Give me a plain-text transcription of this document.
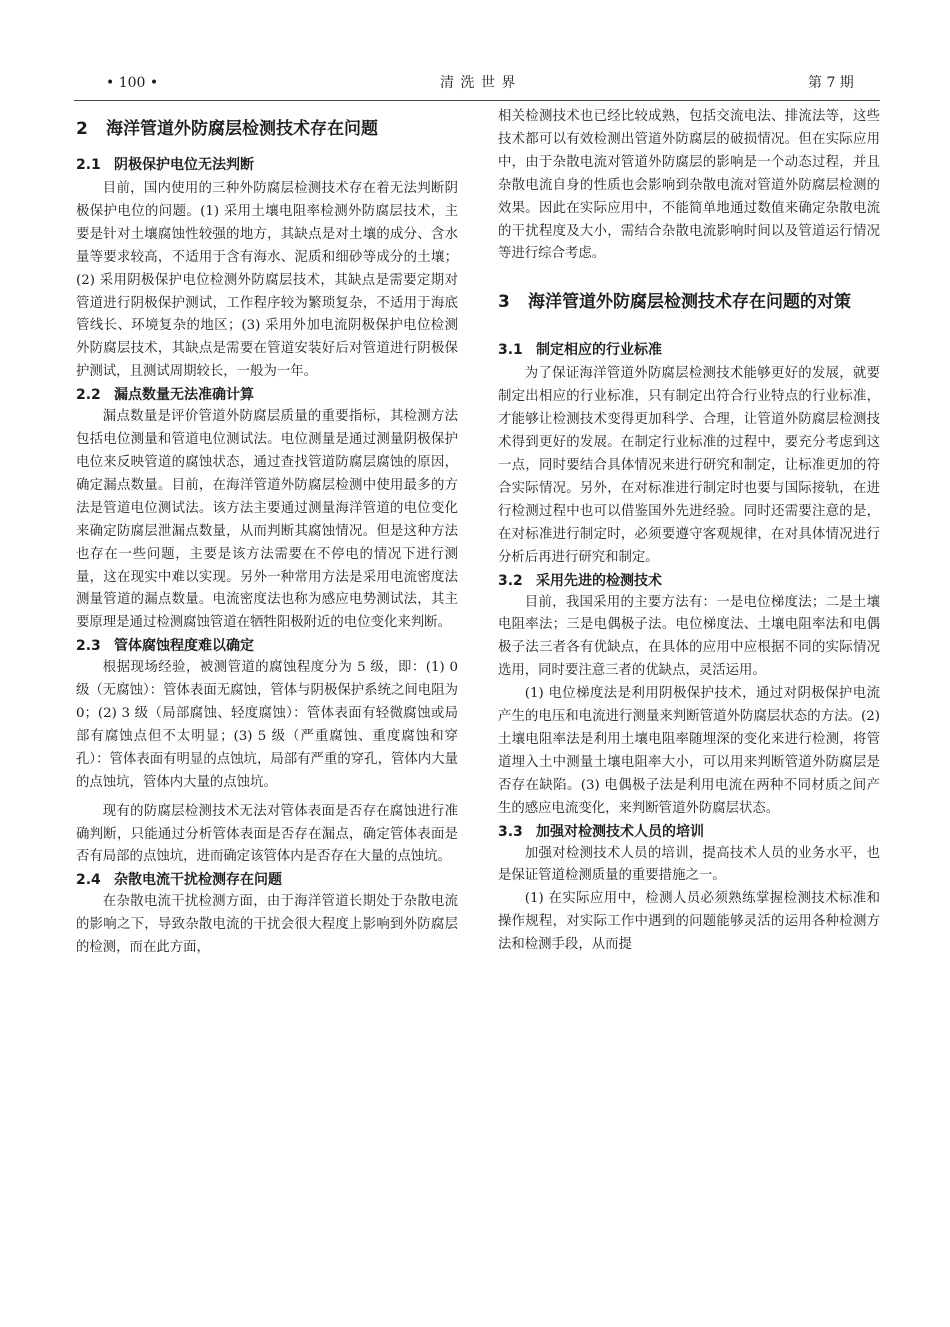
• 100 •	清 洗 世 界	第 7 期
2 海洋管道外防腐层检测技术存在问题
2.1 阴极保护电位无法判断

目前，国内使用的三种外防腐层检测技术存在着无法判断阴极保护电位的问题。(1) 采用土壤电阻率检测外防腐层技术，主要是针对土壤腐蚀性较强的地方，其缺点是对土壤的成分、含水量等要求较高，不适用于含有海水、泥质和细砂等成分的土壤；(2) 采用阴极保护电位检测外防腐层技术，其缺点是需要定期对管道进行阴极保护测试，工作程序较为繁琐复杂，不适用于海底管线长、环境复杂的地区；(3) 采用外加电流阴极保护电位检测外防腐层技术，其缺点是需要在管道安装好后对管道进行阴极保护测试，且测试周期较长，一般为一年。

2.2 漏点数量无法准确计算

漏点数量是评价管道外防腐层质量的重要指标，其检测方法包括电位测量和管道电位测试法。电位测量是通过测量阴极保护电位来反映管道的腐蚀状态，通过查找管道防腐层腐蚀的原因，确定漏点数量。目前，在海洋管道外防腐层检测中使用最多的方法是管道电位测试法。该方法主要通过测量海洋管道的电位变化来确定防腐层泄漏点数量，从而判断其腐蚀情况。但是这种方法也存在一些问题，主要是该方法需要在不停电的情况下进行测量，这在现实中难以实现。另外一种常用方法是采用电流密度法测量管道的漏点数量。电流密度法也称为感应电势测试法，其主要原理是通过检测腐蚀管道在牺牲阳极附近的电位变化来判断。

2.3 管体腐蚀程度难以确定

根据现场经验，被测管道的腐蚀程度分为 5 级，即：(1) 0 级（无腐蚀）：管体表面无腐蚀，管体与阴极保护系统之间电阻为 0；(2) 3 级（局部腐蚀、轻度腐蚀）：管体表面有轻微腐蚀或局部有腐蚀点但不太明显；(3) 5 级（严重腐蚀、重度腐蚀和穿孔）：管体表面有明显的点蚀坑，局部有严重的穿孔，管体内大量的点蚀坑，管体内大量的点蚀坑。

现有的防腐层检测技术无法对管体表面是否存在腐蚀进行准确判断，只能通过分析管体表面是否存在漏点，确定管体表面是否有局部的点蚀坑，进而确定该管体内是否存在大量的点蚀坑。

2.4 杂散电流干扰检测存在问题

在杂散电流干扰检测方面，由于海洋管道长期处于杂散电流的影响之下，导致杂散电流的干扰会很大程度上影响到外防腐层的检测，而在此方面，

相关检测技术也已经比较成熟，包括交流电法、排流法等，这些技术都可以有效检测出管道外防腐层的破损情况。但在实际应用中，由于杂散电流对管道外防腐层的影响是一个动态过程，并且杂散电流自身的性质也会影响到杂散电流对管道外防腐层检测的效果。因此在实际应用中，不能简单地通过数值来确定杂散电流的干扰程度及大小，需结合杂散电流影响时间以及管道运行情况等进行综合考虑。

3 海洋管道外防腐层检测技术存在问题的对策
3.1 制定相应的行业标准

为了保证海洋管道外防腐层检测技术能够更好的发展，就要制定出相应的行业标准，只有制定出符合行业特点的行业标准，才能够让检测技术变得更加科学、合理，让管道外防腐层检测技术得到更好的发展。在制定行业标准的过程中，要充分考虑到这一点，同时要结合具体情况来进行研究和制定，让标准更加的符合实际情况。另外，在对标准进行制定时也要与国际接轨，在进行检测过程中也可以借鉴国外先进经验。同时还需要注意的是，在对标准进行制定时，必须要遵守客观规律，在对具体情况进行分析后再进行研究和制定。

3.2 采用先进的检测技术

目前，我国采用的主要方法有：一是电位梯度法；二是土壤电阻率法；三是电偶极子法。电位梯度法、土壤电阻率法和电偶极子法三者各有优缺点，在具体的应用中应根据不同的实际情况选用，同时要注意三者的优缺点，灵活运用。

(1) 电位梯度法是利用阴极保护技术，通过对阴极保护电流产生的电压和电流进行测量来判断管道外防腐层状态的方法。(2) 土壤电阻率法是利用土壤电阻率随埋深的变化来进行检测，将管道埋入土中测量土壤电阻率大小，可以用来判断管道外防腐层是否存在缺陷。(3) 电偶极子法是利用电流在两种不同材质之间产生的感应电流变化，来判断管道外防腐层状态。

3.3 加强对检测技术人员的培训

加强对检测技术人员的培训，提高技术人员的业务水平，也是保证管道检测质量的重要措施之一。

(1) 在实际应用中，检测人员必须熟练掌握检测技术标准和操作规程，对实际工作中遇到的问题能够灵活的运用各种检测方法和检测手段，从而提
